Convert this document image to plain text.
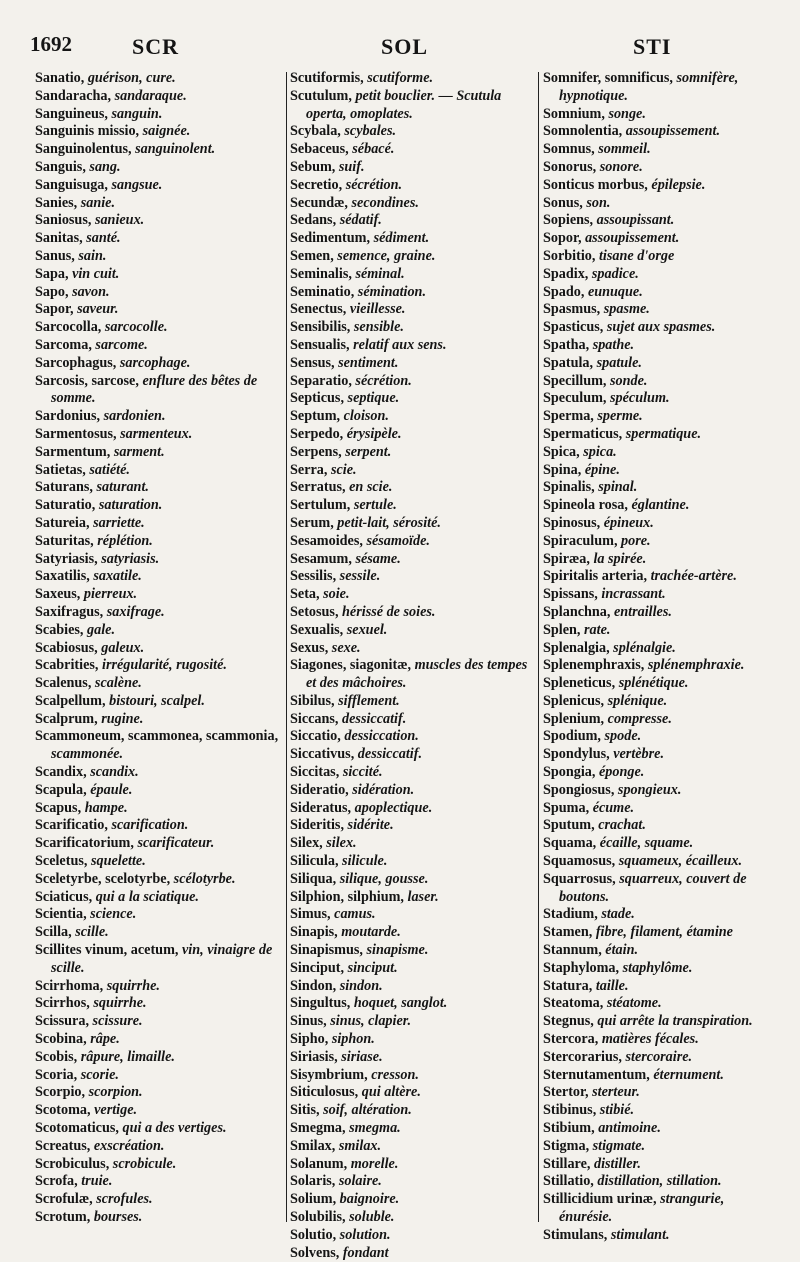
1692	SCR	SOL	STI
Sanatio, guérison, cure.
Sandaracha, sandaraque.
Sanguineus, sanguin.
Sanguinis missio, saignée.
Sanguinolentus, sanguinolent.
Sanguis, sang.
Sanguisuga, sangsue.
Sanies, sanie.
Saniosus, sanieux.
Sanitas, santé.
Sanus, sain.
Sapa, vin cuit.
Sapo, savon.
Sapor, saveur.
Sarcocolla, sarcocolle.
Sarcoma, sarcome.
Sarcophagus, sarcophage.
Sarcosis, sarcose, enflure des bêtes de somme.
Sardonius, sardonien.
Sarmentosus, sarmenteux.
Sarmentum, sarment.
Satietas, satiété.
Saturans, saturant.
Saturatio, saturation.
Satureia, sarriette.
Saturitas, réplétion.
Satyriasis, satyriasis.
Saxatilis, saxatile.
Saxeus, pierreux.
Saxifragus, saxifrage.
Scabies, gale.
Scabiosus, galeux.
Scabrities, irrégularité, rugosité.
Scalenus, scalène.
Scalpellum, bistouri, scalpel.
Scalprum, rugine.
Scammoneum, scammonea, scammonia, scammonée.
Scandix, scandix.
Scapula, épaule.
Scapus, hampe.
Scarificatio, scarification.
Scarificatorium, scarificateur.
Sceletus, squelette.
Sceletyrbe, scelotyrbe, scélotyrbe.
Sciaticus, qui a la sciatique.
Scientia, science.
Scilla, scille.
Scillites vinum, acetum, vin, vinaigre de scille.
Scirrhoma, squirrhe.
Scirrhos, squirrhe.
Scissura, scissure.
Scobina, râpe.
Scobis, râpure, limaille.
Scoria, scorie.
Scorpio, scorpion.
Scotoma, vertige.
Scotomaticus, qui a des vertiges.
Screatus, exscréation.
Scrobiculus, scrobicule.
Scrofa, truie.
Scrofulæ, scrofules.
Scrotum, bourses.
Scutiformis, scutiforme.
Scutulum, petit bouclier. — Scutula operta, omoplates.
Scybala, scybales.
Sebaceus, sébacé.
Sebum, suif.
Secretio, sécrétion.
Secundæ, secondines.
Sedans, sédatif.
Sedimentum, sédiment.
Semen, semence, graine.
Seminalis, séminal.
Seminatio, sémination.
Senectus, vieillesse.
Sensibilis, sensible.
Sensualis, relatif aux sens.
Sensus, sentiment.
Separatio, sécrétion.
Septicus, septique.
Septum, cloison.
Serpedo, érysipèle.
Serpens, serpent.
Serra, scie.
Serratus, en scie.
Sertulum, sertule.
Serum, petit-lait, sérosité.
Sesamoides, sésamoïde.
Sesamum, sésame.
Sessilis, sessile.
Seta, soie.
Setosus, hérissé de soies.
Sexualis, sexuel.
Sexus, sexe.
Siagones, siagonitæ, muscles des tempes et des mâchoires.
Sibilus, sifflement.
Siccans, dessiccatif.
Siccatio, dessiccation.
Siccativus, dessiccatif.
Siccitas, siccité.
Sideratio, sidération.
Sideratus, apoplectique.
Sideritis, sidérite.
Silex, silex.
Silicula, silicule.
Siliqua, silique, gousse.
Silphion, silphium, laser.
Simus, camus.
Sinapis, moutarde.
Sinapismus, sinapisme.
Sinciput, sinciput.
Sindon, sindon.
Singultus, hoquet, sanglot.
Sinus, sinus, clapier.
Sipho, siphon.
Siriasis, siriase.
Sisymbrium, cresson.
Siticulosus, qui altère.
Sitis, soif, altération.
Smegma, smegma.
Smilax, smilax.
Solanum, morelle.
Solaris, solaire.
Solium, baignoire.
Solubilis, soluble.
Solutio, solution.
Solvens, fondant
Somnifer, somnificus, somnifère, hypnotique.
Somnium, songe.
Somnolentia, assoupissement.
Somnus, sommeil.
Sonorus, sonore.
Sonticus morbus, épilepsie.
Sonus, son.
Sopiens, assoupissant.
Sopor, assoupissement.
Sorbitio, tisane d'orge
Spadix, spadice.
Spado, eunuque.
Spasmus, spasme.
Spasticus, sujet aux spasmes.
Spatha, spathe.
Spatula, spatule.
Specillum, sonde.
Speculum, spéculum.
Sperma, sperme.
Spermaticus, spermatique.
Spica, spica.
Spina, épine.
Spinalis, spinal.
Spineola rosa, églantine.
Spinosus, épineux.
Spiraculum, pore.
Spiræa, la spirée.
Spiritalis arteria, trachée-artère.
Spissans, incrassant.
Splanchna, entrailles.
Splen, rate.
Splenalgia, splénalgie.
Splenemphraxis, splénemphraxie.
Spleneticus, splénétique.
Splenicus, splénique.
Splenium, compresse.
Spodium, spode.
Spondylus, vertèbre.
Spongia, éponge.
Spongiosus, spongieux.
Spuma, écume.
Sputum, crachat.
Squama, écaille, squame.
Squamosus, squameux, écailleux.
Squarrosus, squarreux, couvert de boutons.
Stadium, stade.
Stamen, fibre, filament, étamine
Stannum, étain.
Staphyloma, staphylôme.
Statura, taille.
Steatoma, stéatome.
Stegnus, qui arrête la transpiration.
Stercora, matières fécales.
Stercorarius, stercoraire.
Sternutamentum, éternument.
Stertor, sterteur.
Stibinus, stibié.
Stibium, antimoine.
Stigma, stigmate.
Stillare, distiller.
Stillatio, distillation, stillation.
Stillicidium urinæ, strangurie, énurésie.
Stimulans, stimulant.
